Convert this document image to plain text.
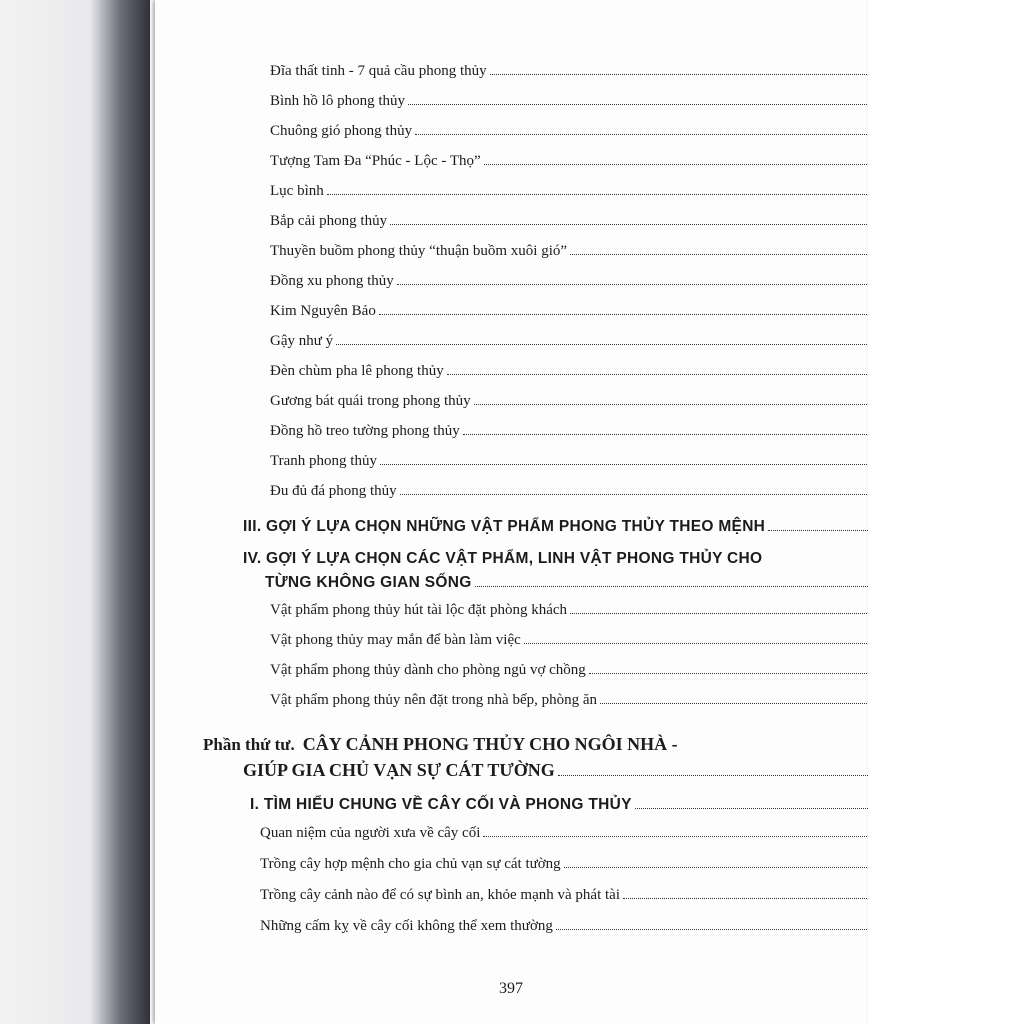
Đĩa thất tinh - 7 quả cầu phong thủy
Bình hồ lô phong thủy
Chuông gió phong thủy
Tượng Tam Đa “Phúc - Lộc - Thọ”
Lục bình
Bắp cải phong thủy
Thuyền buồm phong thủy “thuận buồm xuôi gió”
Đồng xu phong thủy
Kim Nguyên Bảo
Gậy như ý
Đèn chùm pha lê phong thủy
Gương bát quái trong phong thủy
Đồng hồ treo tường phong thủy
Tranh phong thủy
Đu đủ đá phong thủy
III. GỢI Ý LỰA CHỌN NHỮNG VẬT PHẨM PHONG THỦY THEO MỆNH
IV. GỢI Ý LỰA CHỌN CÁC VẬT PHẨM, LINH VẬT PHONG THỦY CHO
TỪNG KHÔNG GIAN SỐNG
Vật phẩm phong thủy hút tài lộc đặt phòng khách
Vật phong thủy may mắn để bàn làm việc
Vật phẩm phong thủy dành cho phòng ngủ vợ chồng
Vật phẩm phong thủy nên đặt trong nhà bếp, phòng ăn
Phần thứ tư. CÂY CẢNH PHONG THỦY CHO NGÔI NHÀ -
GIÚP GIA CHỦ VẠN SỰ CÁT TƯỜNG
I. TÌM HIỂU CHUNG VỀ CÂY CỐI VÀ PHONG THỦY
Quan niệm của người xưa về cây cối
Trồng cây hợp mệnh cho gia chủ vạn sự cát tường
Trồng cây cảnh nào để có sự bình an, khỏe mạnh và phát tài
Những cấm kỵ về cây cối không thể xem thường
397
